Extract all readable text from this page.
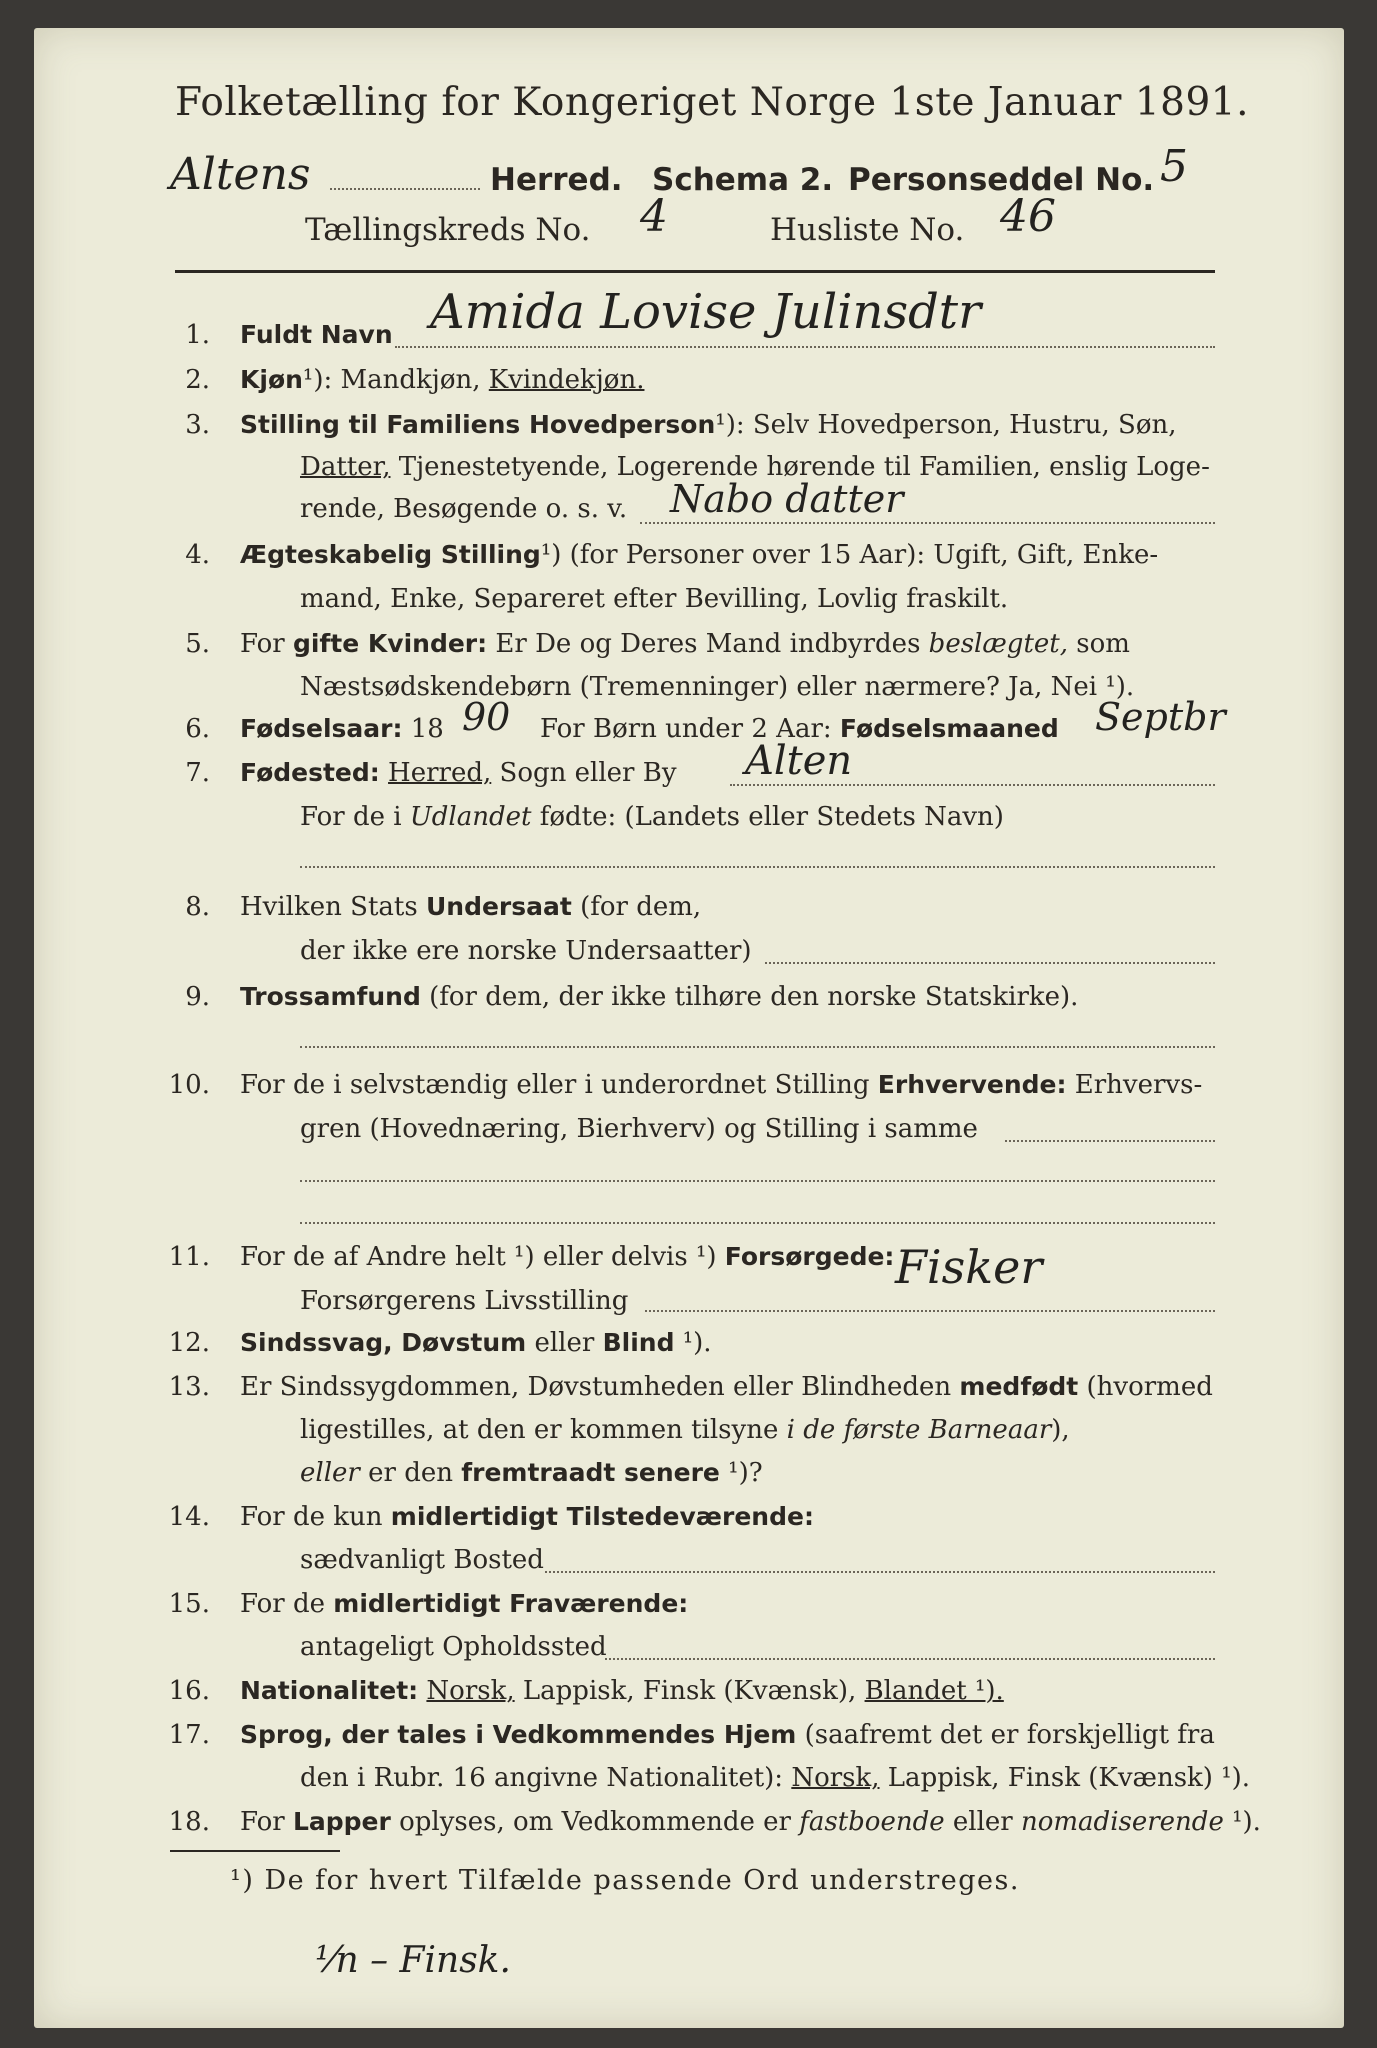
Folketælling for Kongeriget Norge 1ste Januar 1891.
Altens	Herred. Schema 2. Personseddel No. 5
Tællingskreds No. 4	Husliste No. 46
1. Fuldt Navn Amida Lovise Julinsdtr
2. Kjøn¹): Mandkjøn, Kvindekjøn.
3. Stilling til Familiens Hovedperson¹): Selv Hovedperson, Hustru, Søn,
Datter, Tjenestetyende, Logerende hørende til Familien, enslig Loge-
rende, Besøgende o. s. v. Nabo datter
4. Ægteskabelig Stilling¹) (for Personer over 15 Aar): Ugift, Gift, Enke-
mand, Enke, Separeret efter Bevilling, Lovlig fraskilt.
5. For gifte Kvinder: Er De og Deres Mand indbyrdes beslægtet, som
Næstsødskendebørn (Tremenninger) eller nærmere? Ja, Nei ¹).
6. Fødselsaar: 18 90 For Børn under 2 Aar: Fødselsmaaned Septbr
7. Fødested: Herred, Sogn eller By Alten
For de i Udlandet fødte: (Landets eller Stedets Navn)
8. Hvilken Stats Undersaat (for dem,
der ikke ere norske Undersaatter)
9. Trossamfund (for dem, der ikke tilhøre den norske Statskirke).
10. For de i selvstændig eller i underordnet Stilling Erhvervende: Erhvervs-
gren (Hovednæring, Bierhverv) og Stilling i samme
11. For de af Andre helt ¹) eller delvis ¹) Forsørgede:
Forsørgerens Livsstilling
Fisker
12. Sindssvag, Døvstum eller Blind ¹).
13. Er Sindssygdommen, Døvstumheden eller Blindheden medfødt (hvormed
ligestilles, at den er kommen tilsyne i de første Barneaar),
eller er den fremtraadt senere ¹)?
14. For de kun midlertidigt Tilstedeværende:
sædvanligt Bosted
15. For de midlertidigt Fraværende:
antageligt Opholdssted
16. Nationalitet: Norsk, Lappisk, Finsk (Kvænsk), Blandet ¹).
17. Sprog, der tales i Vedkommendes Hjem (saafremt det er forskjelligt fra
den i Rubr. 16 angivne Nationalitet): Norsk, Lappisk, Finsk (Kvænsk) ¹).
18. For Lapper oplyses, om Vedkommende er fastboende eller nomadiserende ¹).
¹) De for hvert Tilfælde passende Ord understreges.
⅟n – Finsk.
